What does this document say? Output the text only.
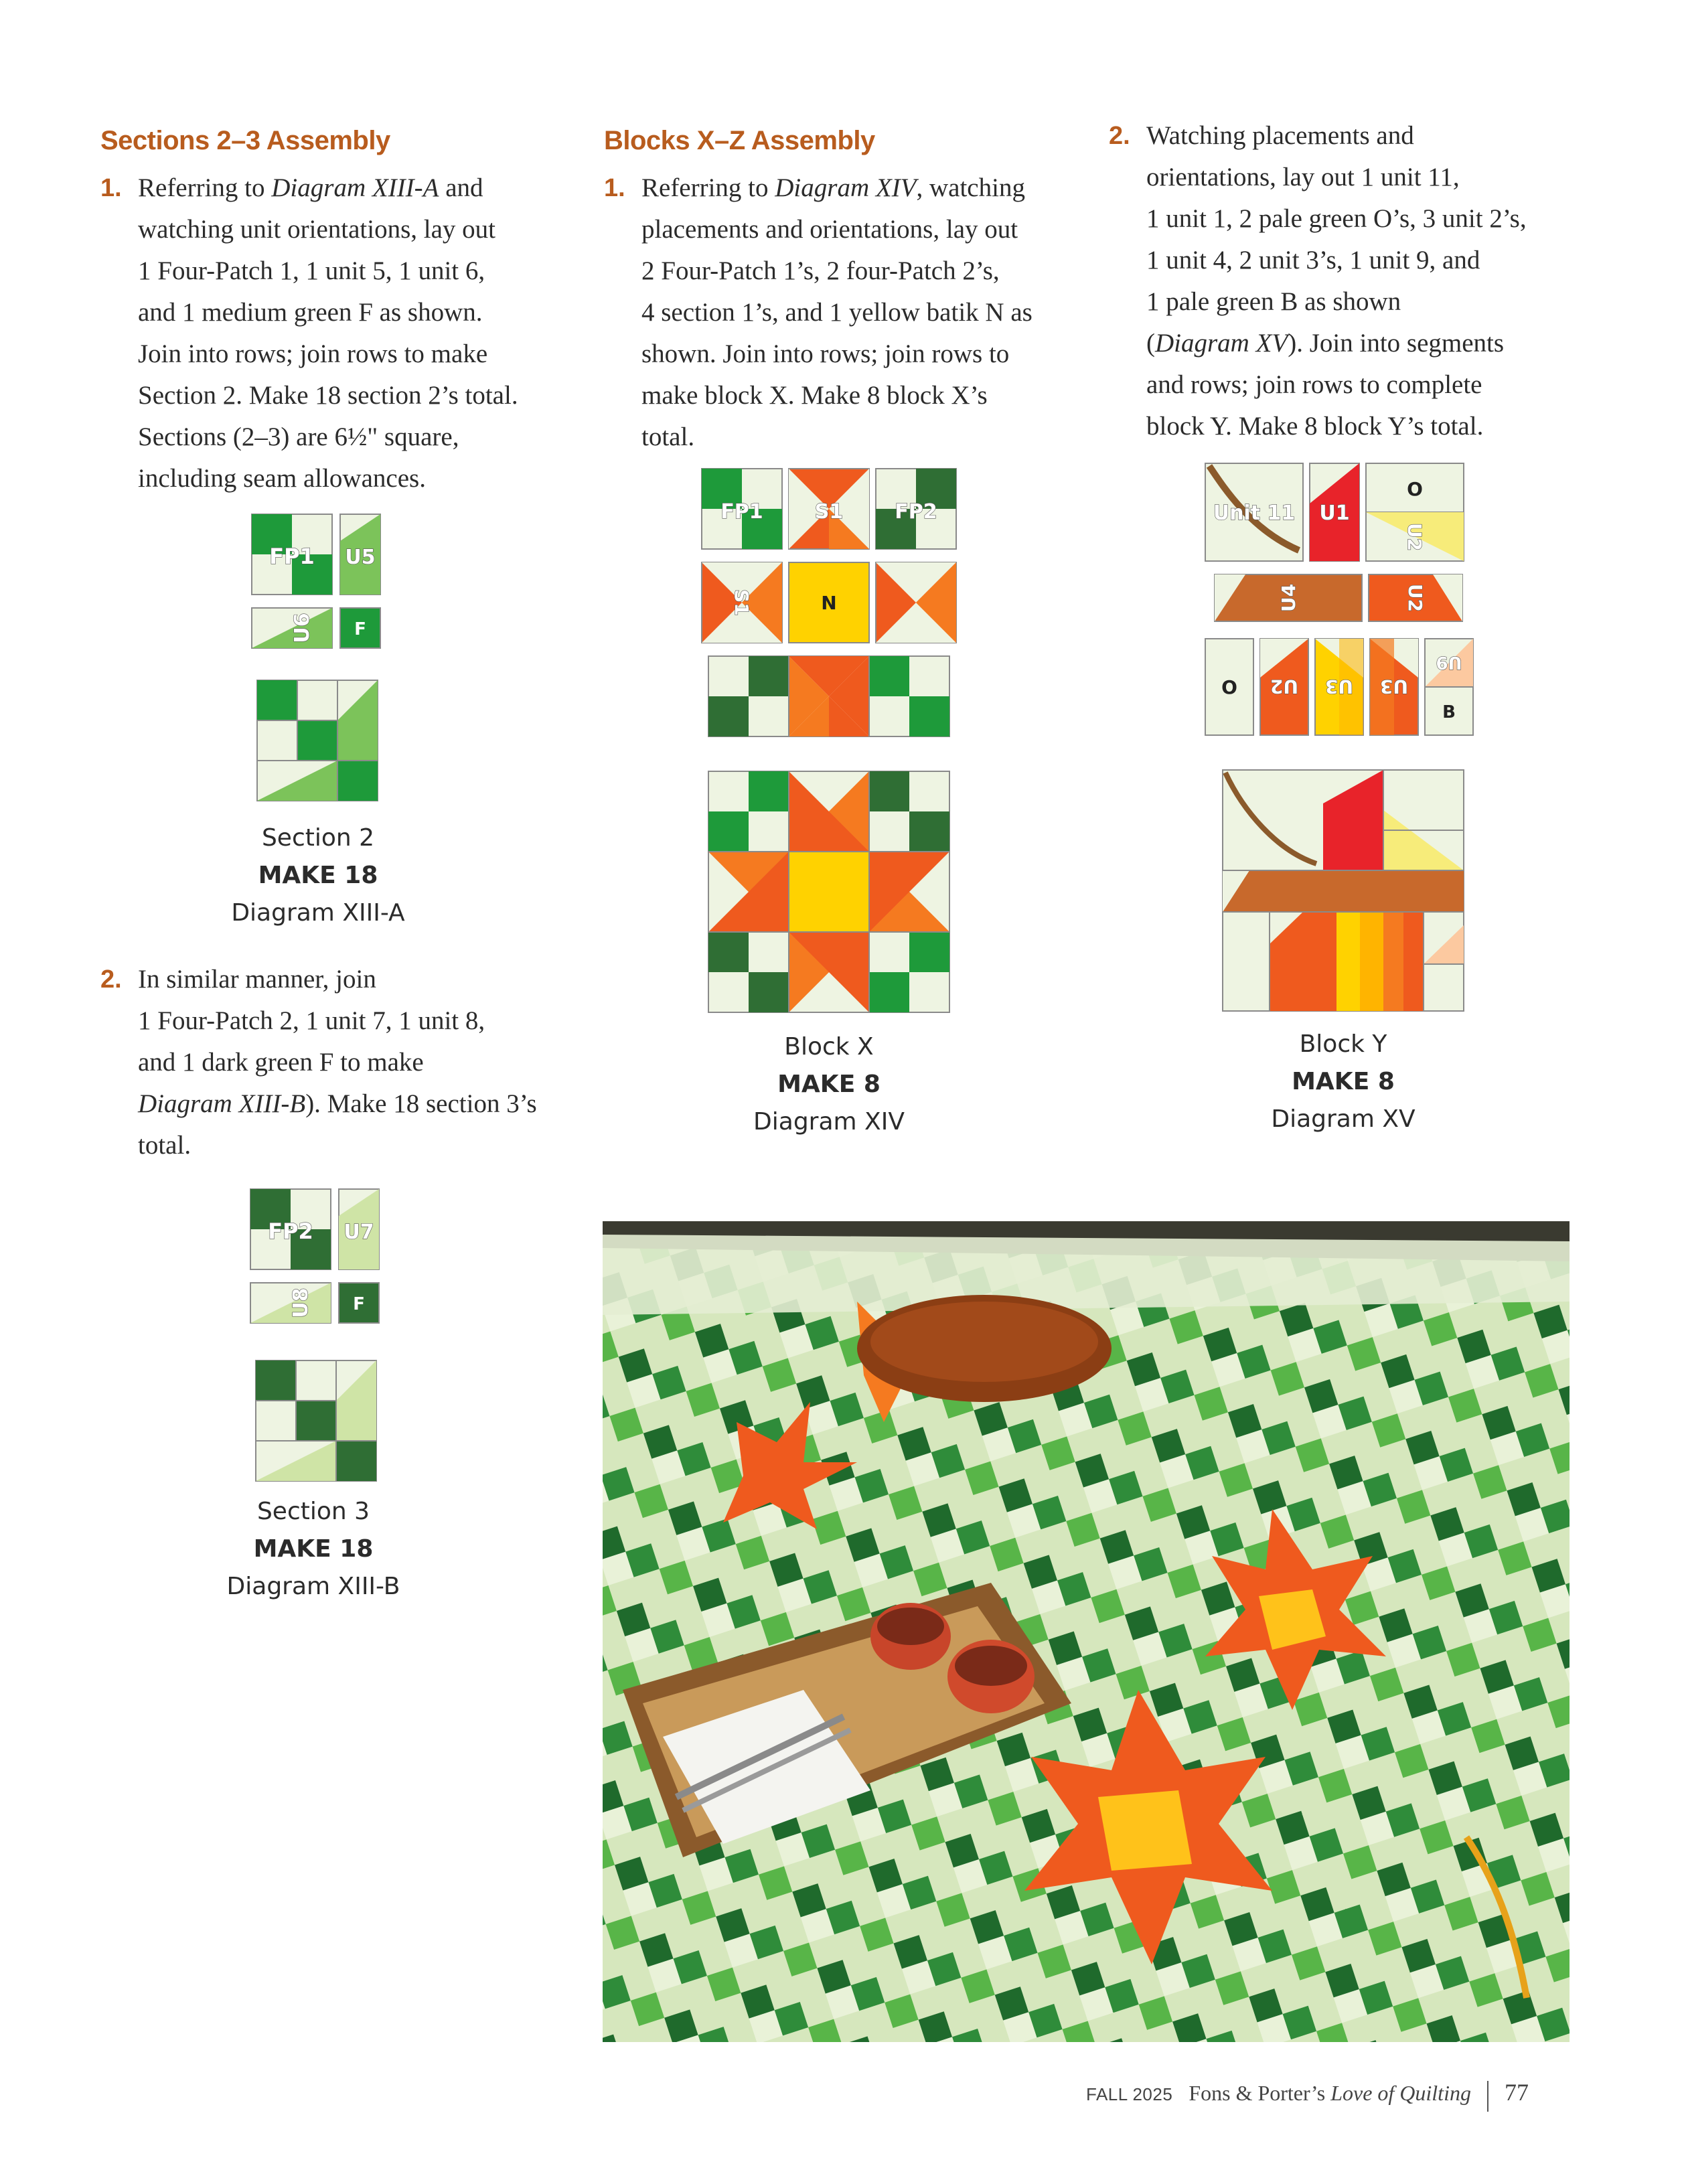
Sections 2–3 Assembly
1. Referring to Diagram XIII-A and
watching unit orientations, lay out
1 Four-Patch 1, 1 unit 5, 1 unit 6,
and 1 medium green F as shown.
Join into rows; join rows to make
Section 2. Make 18 section 2’s total.
Sections (2–3) are 6½" square,
including seam allowances.
FP1 U5
U6 F
Section 2
MAKE 18
Diagram XIII-A
2. In similar manner, join
1 Four-Patch 2, 1 unit 7, 1 unit 8,
and 1 dark green F to make
Diagram XIII-B). Make 18 section 3’s
total.
FP2 U7
U8 F
Section 3
MAKE 18
Diagram XIII-B
Blocks X–Z Assembly
1. Referring to Diagram XIV, watching
placements and orientations, lay out
2 Four-Patch 1’s, 2 four-Patch 2’s,
4 section 1’s, and 1 yellow batik N as
shown. Join into rows; join rows to
make block X. Make 8 block X’s
total.
FP1	S1	FP2
S1	N
Block X
MAKE 8
Diagram XIV
2. Watching placements and
orientations, lay out 1 unit 11,
1 unit 1, 2 pale green O’s, 3 unit 2’s,
1 unit 4, 2 unit 3’s, 1 unit 9, and
1 pale green B as shown
(Diagram XV). Join into segments
and rows; join rows to complete
block Y. Make 8 block Y’s total.
Unit 11 U1
O
U2
U4	U2
O U2 U3 U3
U9
B
Block Y
MAKE 8
Diagram XV
FALL 2025 Fons & Porter’s Love of Quilting 77
